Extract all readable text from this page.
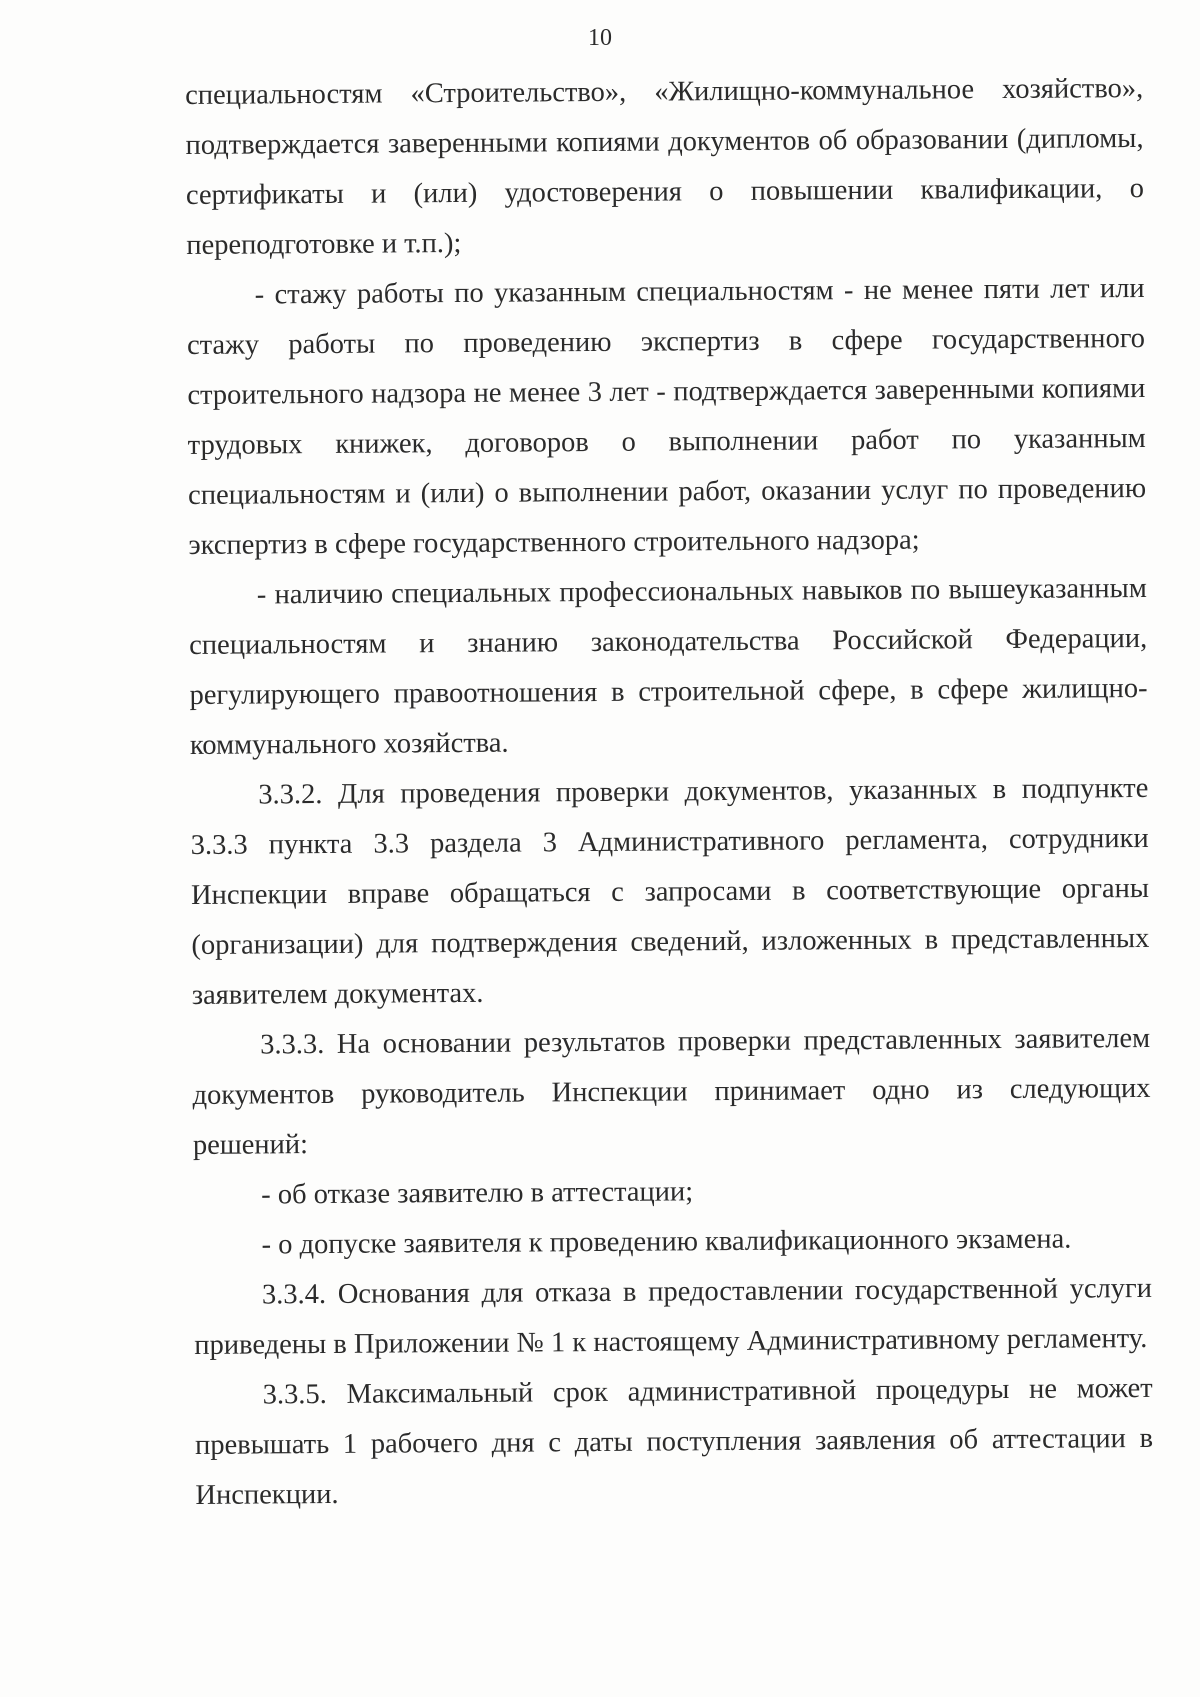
10

специальностям «Строительство», «Жилищно-коммунальное хозяйство», подтверждается заверенными копиями документов об образовании (дипломы, сертификаты и (или) удостоверения о повышении квалификации, о переподготовке и т.п.);

- стажу работы по указанным специальностям - не менее пяти лет или стажу работы по проведению экспертиз в сфере государственного строительного надзора не менее 3 лет - подтверждается заверенными копиями трудовых книжек, договоров о выполнении работ по указанным специальностям и (или) о выполнении работ, оказании услуг по проведению экспертиз в сфере государственного строительного надзора;

- наличию специальных профессиональных навыков по вышеуказанным специальностям и знанию законодательства Российской Федерации, регулирующего правоотношения в строительной сфере, в сфере жилищно-коммунального хозяйства.

3.3.2. Для проведения проверки документов, указанных в подпункте 3.3.3 пункта 3.3 раздела 3 Административного регламента, сотрудники Инспекции вправе обращаться с запросами в соответствующие органы (организации) для подтверждения сведений, изложенных в представленных заявителем документах.

3.3.3. На основании результатов проверки представленных заявителем документов руководитель Инспекции принимает одно из следующих решений:

- об отказе заявителю в аттестации;

- о допуске заявителя к проведению квалификационного экзамена.

3.3.4. Основания для отказа в предоставлении государственной услуги приведены в Приложении № 1 к настоящему Административному регламенту.

3.3.5. Максимальный срок административной процедуры не может превышать 1 рабочего дня с даты поступления заявления об аттестации в Инспекции.
